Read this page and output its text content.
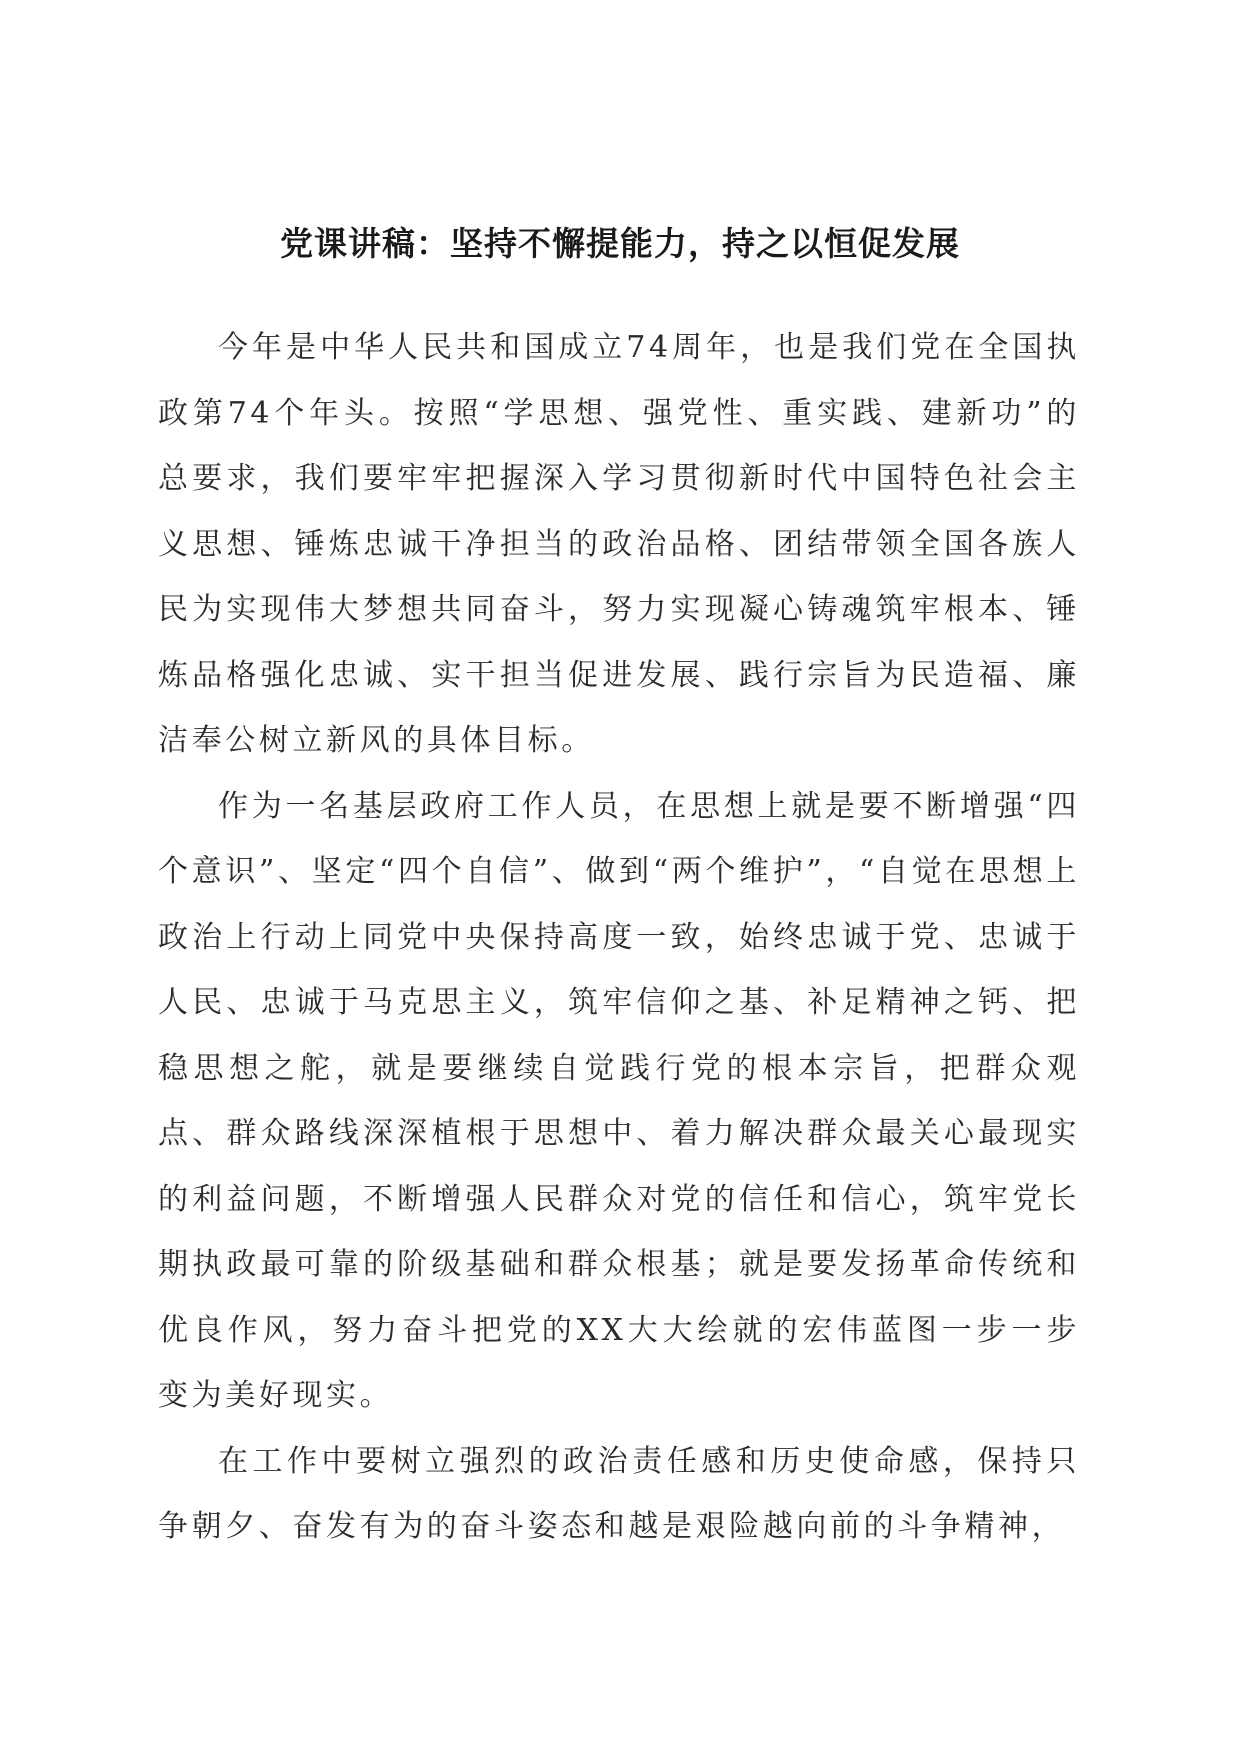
党课讲稿：坚持不懈提能力，持之以恒促发展

今年是中华人民共和国成立74周年，也是我们党在全国执政第74个年头。按照“学思想、强党性、重实践、建新功”的总要求，我们要牢牢把握深入学习贯彻新时代中国特色社会主义思想、锤炼忠诚干净担当的政治品格、团结带领全国各族人民为实现伟大梦想共同奋斗，努力实现凝心铸魂筑牢根本、锤炼品格强化忠诚、实干担当促进发展、践行宗旨为民造福、廉洁奉公树立新风的具体目标。

作为一名基层政府工作人员，在思想上就是要不断增强“四个意识”、坚定“四个自信”、做到“两个维护”，“自觉在思想上政治上行动上同党中央保持高度一致，始终忠诚于党、忠诚于人民、忠诚于马克思主义，筑牢信仰之基、补足精神之钙、把稳思想之舵，就是要继续自觉践行党的根本宗旨，把群众观点、群众路线深深植根于思想中、着力解决群众最关心最现实的利益问题，不断增强人民群众对党的信任和信心，筑牢党长期执政最可靠的阶级基础和群众根基；就是要发扬革命传统和优良作风，努力奋斗把党的XX大大绘就的宏伟蓝图一步一步变为美好现实。

在工作中要树立强烈的政治责任感和历史使命感，保持只争朝夕、奋发有为的奋斗姿态和越是艰险越向前的斗争精神，
